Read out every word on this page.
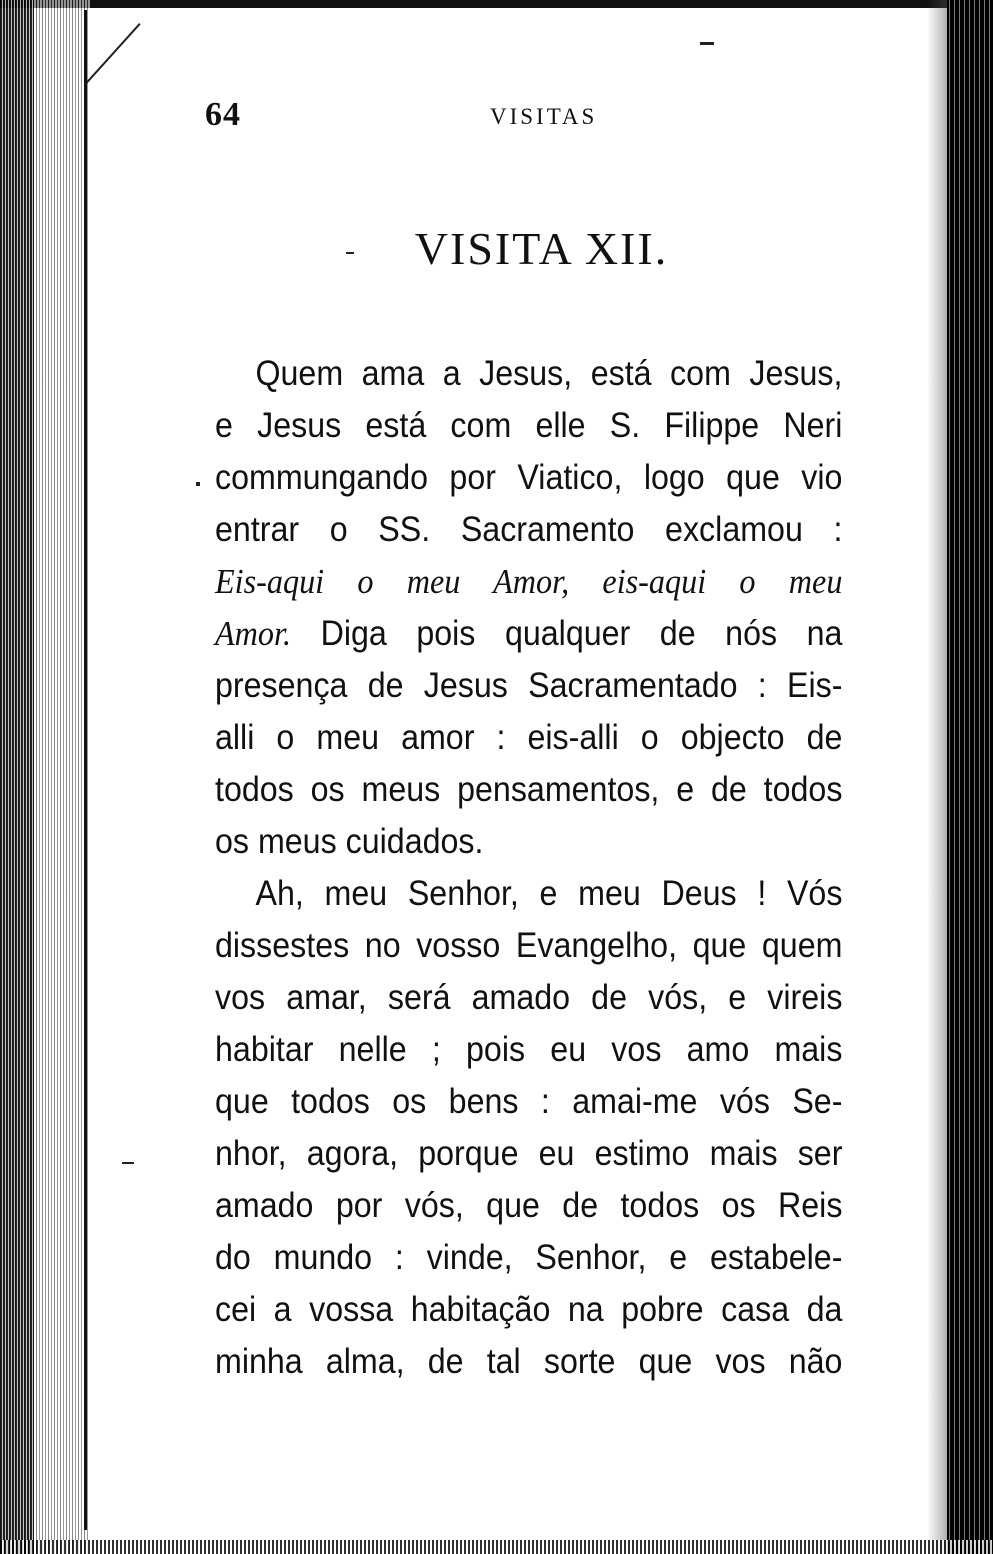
64	VISITAS
VISITA XII.
Quem ama a Jesus, está com Jesus,
e Jesus está com elle S. Filippe Neri
commungando por Viatico, logo que vio
entrar o SS. Sacramento exclamou :
Eis-aqui o meu Amor, eis-aqui o meu
Amor. Diga pois qualquer de nós na
presença de Jesus Sacramentado : Eis-
alli o meu amor : eis-alli o objecto de
todos os meus pensamentos, e de todos
os meus cuidados.
Ah, meu Senhor, e meu Deus ! Vós
dissestes no vosso Evangelho, que quem
vos amar, será amado de vós, e vireis
habitar nelle ; pois eu vos amo mais
que todos os bens : amai-me vós Se-
nhor, agora, porque eu estimo mais ser
amado por vós, que de todos os Reis
do mundo : vinde, Senhor, e estabele-
cei a vossa habitação na pobre casa da
minha alma, de tal sorte que vos não
